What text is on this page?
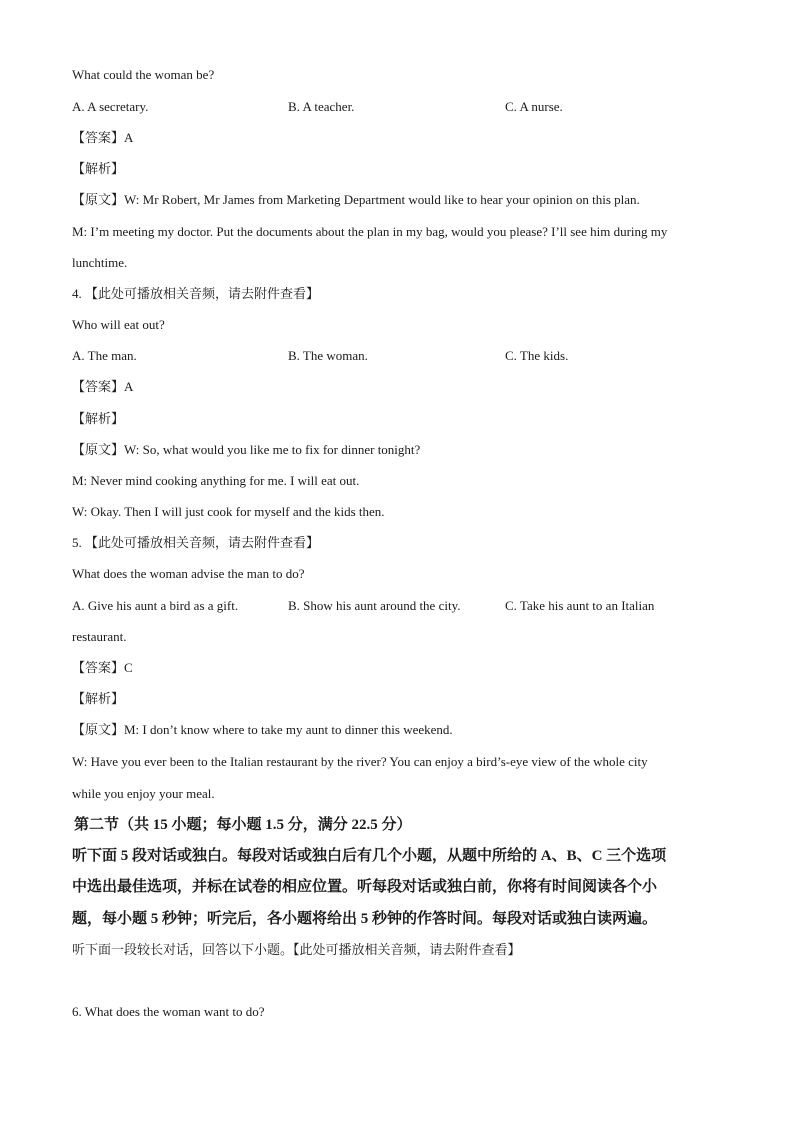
What could the woman be?
A. A secretary.	B. A teacher.	C. A nurse.
【答案】A
【解析】
【原文】W: Mr Robert, Mr James from Marketing Department would like to hear your opinion on this plan.
M: I’m meeting my doctor. Put the documents about the plan in my bag, would you please? I’ll see him during my
lunchtime.
4. 【此处可播放相关音频，请去附件查看】
Who will eat out?
A. The man.	B. The woman.	C. The kids.
【答案】A
【解析】
【原文】W: So, what would you like me to fix for dinner tonight?
M: Never mind cooking anything for me. I will eat out.
W: Okay. Then I will just cook for myself and the kids then.
5. 【此处可播放相关音频，请去附件查看】
What does the woman advise the man to do?
A. Give his aunt a bird as a gift.	B. Show his aunt around the city.	C. Take his aunt to an Italian
restaurant.
【答案】C
【解析】
【原文】M: I don’t know where to take my aunt to dinner this weekend.
W: Have you ever been to the Italian restaurant by the river? You can enjoy a bird’s-eye view of the whole city
while you enjoy your meal.
第二节（共 15 小题；每小题 1.5 分，满分 22.5 分）
听下面 5 段对话或独白。每段对话或独白后有几个小题，从题中所给的 A、B、C 三个选项
中选出最佳选项，并标在试卷的相应位置。听每段对话或独白前，你将有时间阅读各个小
题，每小题 5 秒钟；听完后，各小题将给出 5 秒钟的作答时间。每段对话或独白读两遍。
听下面一段较长对话，回答以下小题。【此处可播放相关音频，请去附件查看】
6. What does the woman want to do?
